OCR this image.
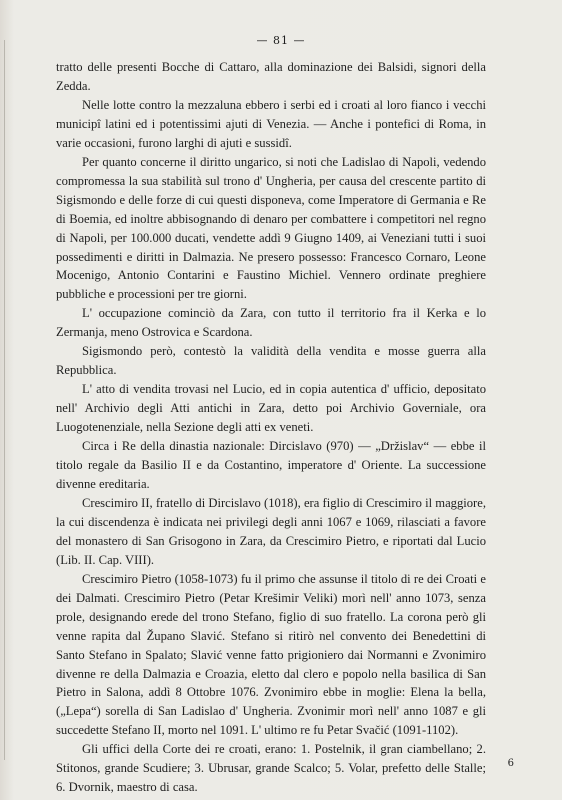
— 81 —

tratto delle presenti Bocche di Cattaro, alla dominazione dei Balsidi, signori della Zedda.

Nelle lotte contro la mezzaluna ebbero i serbi ed i croati al loro fianco i vecchi municipî latini ed i potentissimi ajuti di Venezia. — Anche i pontefici di Roma, in varie occasioni, furono larghi di ajuti e sussidî.

Per quanto concerne il diritto ungarico, si noti che Ladislao di Napoli, vedendo compromessa la sua stabilità sul trono d' Ungheria, per causa del crescente partito di Sigismondo e delle forze di cui questi disponeva, come Imperatore di Germania e Re di Boemia, ed inoltre abbisognando di denaro per combattere i competitori nel regno di Napoli, per 100.000 ducati, vendette addì 9 Giugno 1409, ai Veneziani tutti i suoi possedimenti e diritti in Dalmazia. Ne presero possesso: Francesco Cornaro, Leone Mocenigo, Antonio Contarini e Faustino Michiel. Vennero ordinate preghiere pubbliche e processioni per tre giorni.

L' occupazione cominciò da Zara, con tutto il territorio fra il Kerka e lo Zermanja, meno Ostrovica e Scardona.

Sigismondo però, contestò la validità della vendita e mosse guerra alla Repubblica.

L' atto di vendita trovasi nel Lucio, ed in copia autentica d' ufficio, depositato nell' Archivio degli Atti antichi in Zara, detto poi Archivio Governiale, ora Luogotenenziale, nella Sezione degli atti ex veneti.

Circa i Re della dinastia nazionale: Dircislavo (970) — „Držislav“ — ebbe il titolo regale da Basilio II e da Costantino, imperatore d' Oriente. La successione divenne ereditaria.

Crescimiro II, fratello di Dircislavo (1018), era figlio di Crescimiro il maggiore, la cui discendenza è indicata nei privilegi degli anni 1067 e 1069, rilasciati a favore del monastero di San Grisogono in Zara, da Crescimiro Pietro, e riportati dal Lucio (Lib. II. Cap. VIII).

Crescimiro Pietro (1058-1073) fu il primo che assunse il titolo di re dei Croati e dei Dalmati. Crescimiro Pietro (Petar Krešimir Veliki) morì nell' anno 1073, senza prole, designando erede del trono Stefano, figlio di suo fratello. La corona però gli venne rapita dal Župano Slavić. Stefano si ritirò nel convento dei Benedettini di Santo Stefano in Spalato; Slavić venne fatto prigioniero dai Normanni e Zvonimiro divenne re della Dalmazia e Croazia, eletto dal clero e popolo nella basilica di San Pietro in Salona, addì 8 Ottobre 1076. Zvonimiro ebbe in moglie: Elena la bella, („Lepa“) sorella di San Ladislao d' Ungheria. Zvonimir morì nell' anno 1087 e gli succedette Stefano II, morto nel 1091. L' ultimo re fu Petar Svačić (1091-1102).

Gli uffici della Corte dei re croati, erano: 1. Postelnik, il gran ciambellano; 2. Stitonos, grande Scudiere; 3. Ubrusar, grande Scalco; 5. Volar, prefetto delle Stalle; 6. Dvornik, maestro di casa.

6
